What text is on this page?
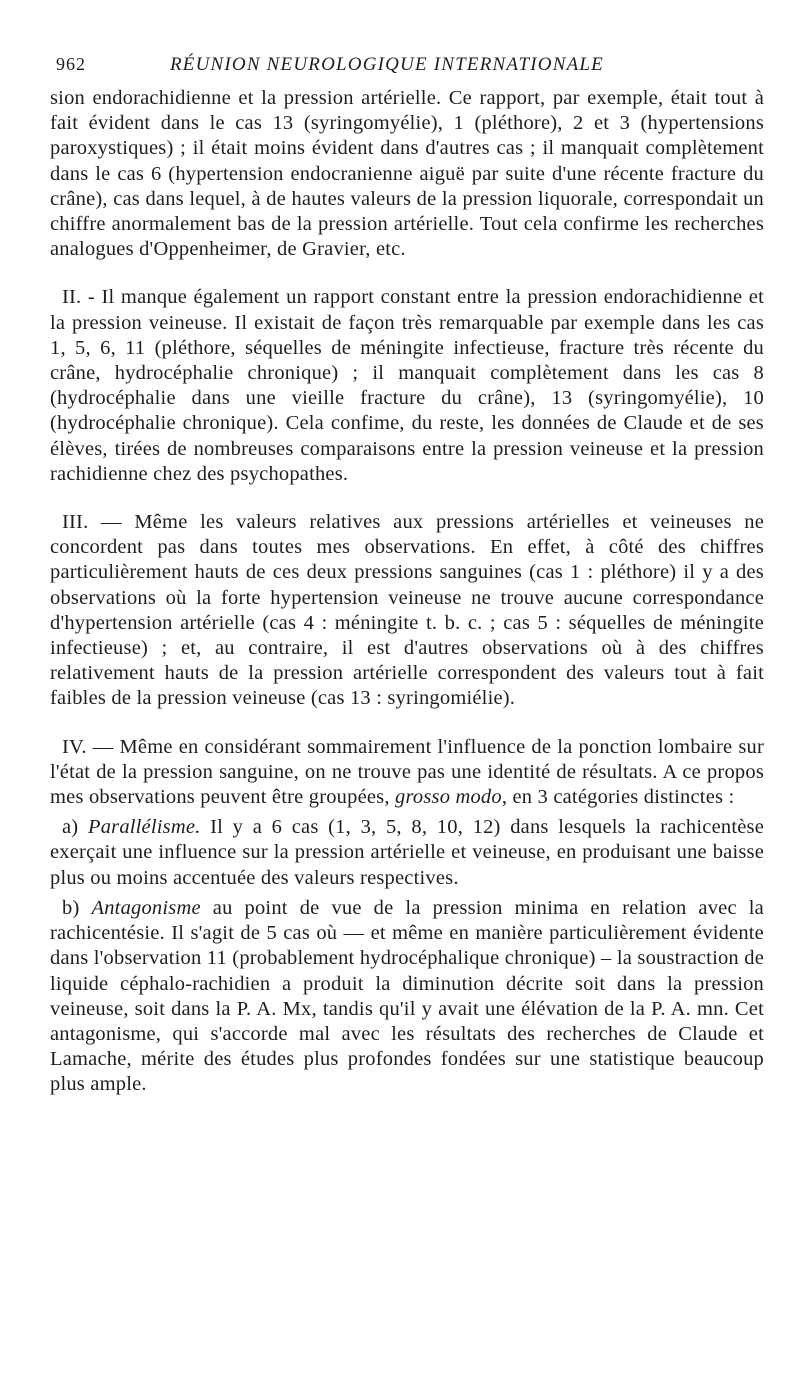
962	RÉUNION NEUROLOGIQUE INTERNATIONALE

sion endorachidienne et la pression artérielle. Ce rapport, par exemple, était tout à fait évident dans le cas 13 (syringomyélie), 1 (pléthore), 2 et 3 (hypertensions paroxystiques) ; il était moins évident dans d'autres cas ; il manquait complètement dans le cas 6 (hypertension endocranienne aiguë par suite d'une récente fracture du crâne), cas dans lequel, à de hautes valeurs de la pression liquorale, correspondait un chiffre anormalement bas de la pression artérielle. Tout cela confirme les recherches analogues d'Oppenheimer, de Gravier, etc.

II. - Il manque également un rapport constant entre la pression endorachidienne et la pression veineuse. Il existait de façon très remarquable par exemple dans les cas 1, 5, 6, 11 (pléthore, séquelles de méningite infectieuse, fracture très récente du crâne, hydrocéphalie chronique) ; il manquait complètement dans les cas 8 (hydrocéphalie dans une vieille fracture du crâne), 13 (syringomyélie), 10 (hydrocéphalie chronique). Cela confime, du reste, les données de Claude et de ses élèves, tirées de nombreuses comparaisons entre la pression veineuse et la pression rachidienne chez des psychopathes.

III. — Même les valeurs relatives aux pressions artérielles et veineuses ne concordent pas dans toutes mes observations. En effet, à côté des chiffres particulièrement hauts de ces deux pressions sanguines (cas 1 : pléthore) il y a des observations où la forte hypertension veineuse ne trouve aucune correspondance d'hypertension artérielle (cas 4 : méningite t. b. c. ; cas 5 : séquelles de méningite infectieuse) ; et, au contraire, il est d'autres observations où à des chiffres relativement hauts de la pression artérielle correspondent des valeurs tout à fait faibles de la pression veineuse (cas 13 : syringomiélie).

IV. — Même en considérant sommairement l'influence de la ponction lombaire sur l'état de la pression sanguine, on ne trouve pas une identité de résultats. A ce propos mes observations peuvent être groupées, grosso modo, en 3 catégories distinctes :

a) Parallélisme. Il y a 6 cas (1, 3, 5, 8, 10, 12) dans lesquels la rachicentèse exerçait une influence sur la pression artérielle et veineuse, en produisant une baisse plus ou moins accentuée des valeurs respectives.

b) Antagonisme au point de vue de la pression minima en relation avec la rachicentésie. Il s'agit de 5 cas où — et même en manière particulièrement évidente dans l'observation 11 (probablement hydrocéphalique chronique) – la soustraction de liquide céphalo-rachidien a produit la diminution décrite soit dans la pression veineuse, soit dans la P. A. Mx, tandis qu'il y avait une élévation de la P. A. mn. Cet antagonisme, qui s'accorde mal avec les résultats des recherches de Claude et Lamache, mérite des études plus profondes fondées sur une statistique beaucoup plus ample.
